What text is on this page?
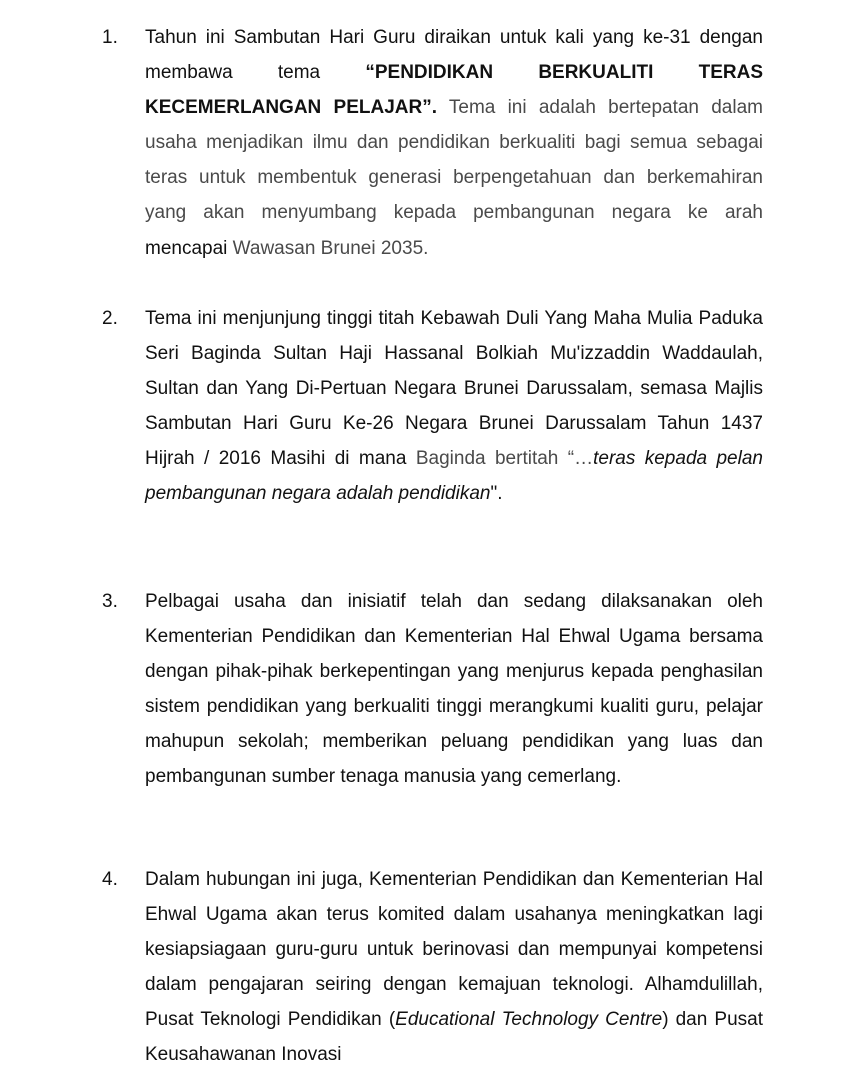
1. Tahun ini Sambutan Hari Guru diraikan untuk kali yang ke-31 dengan membawa tema “PENDIDIKAN BERKUALITI TERAS KECEMERLANGAN PELAJAR”. Tema ini adalah bertepatan dalam usaha menjadikan ilmu dan pendidikan berkualiti bagi semua sebagai teras untuk membentuk generasi berpengetahuan dan berkemahiran yang akan menyumbang kepada pembangunan negara ke arah mencapai Wawasan Brunei 2035.

2. Tema ini menjunjung tinggi titah Kebawah Duli Yang Maha Mulia Paduka Seri Baginda Sultan Haji Hassanal Bolkiah Mu'izzaddin Waddaulah, Sultan dan Yang Di-Pertuan Negara Brunei Darussalam, semasa Majlis Sambutan Hari Guru Ke-26 Negara Brunei Darussalam Tahun 1437 Hijrah / 2016 Masihi di mana Baginda bertitah “…teras kepada pelan pembangunan negara adalah pendidikan".

3. Pelbagai usaha dan inisiatif telah dan sedang dilaksanakan oleh Kementerian Pendidikan dan Kementerian Hal Ehwal Ugama bersama dengan pihak-pihak berkepentingan yang menjurus kepada penghasilan sistem pendidikan yang berkualiti tinggi merangkumi kualiti guru, pelajar mahupun sekolah; memberikan peluang pendidikan yang luas dan pembangunan sumber tenaga manusia yang cemerlang.

4. Dalam hubungan ini juga, Kementerian Pendidikan dan Kementerian Hal Ehwal Ugama akan terus komited dalam usahanya meningkatkan lagi kesiapsiagaan guru-guru untuk berinovasi dan mempunyai kompetensi dalam pengajaran seiring dengan kemajuan teknologi. Alhamdulillah, Pusat Teknologi Pendidikan (Educational Technology Centre) dan Pusat Keusahawanan Inovasi
